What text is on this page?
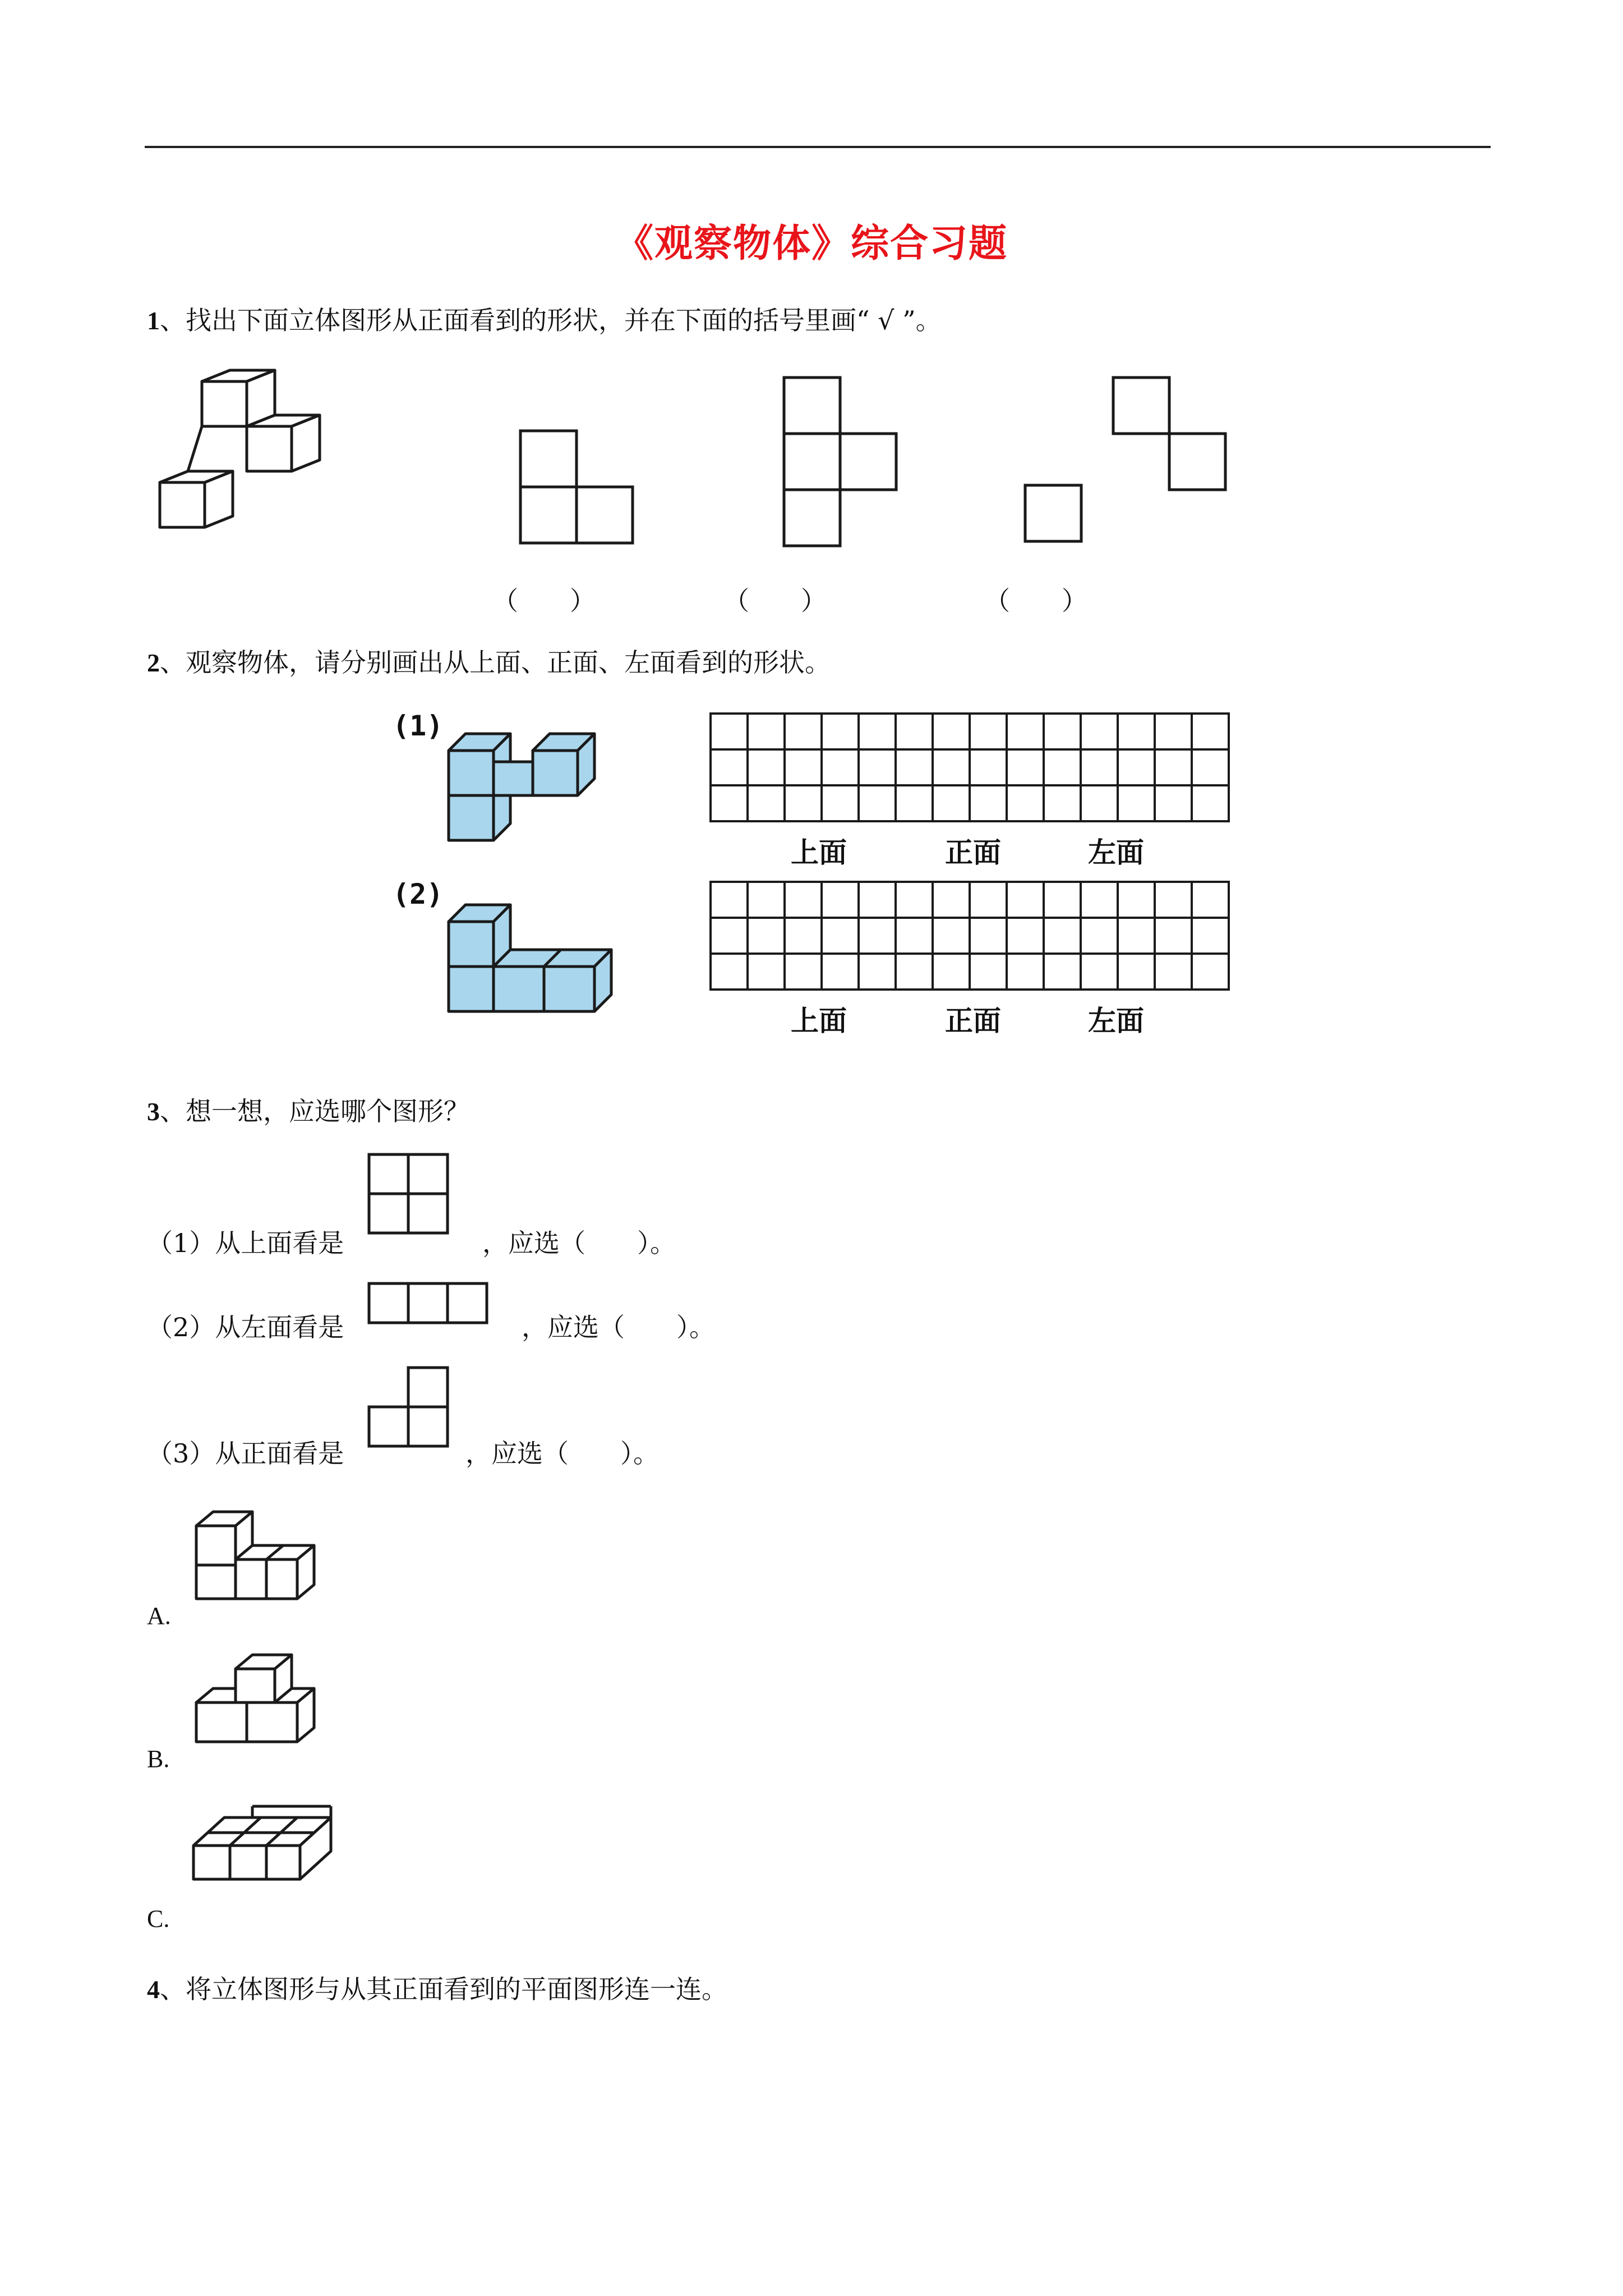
《观察物体》综合习题
1、找出下面立体图形从正面看到的形状，并在下面的括号里画“ √ ”。
（　　）	（　　）	（　　）
2、观察物体，请分别画出从上面、正面、左面看到的形状。
(1)
上面	正面	左面
(2)
上面	正面	左面
3、想一想，应选哪个图形？
（1）从上面看是	，应选（　　）。
（2）从左面看是	，应选（　　）。
（3）从正面看是	，应选（　　）。
A.
B.
C.
4、将立体图形与从其正面看到的平面图形连一连。
